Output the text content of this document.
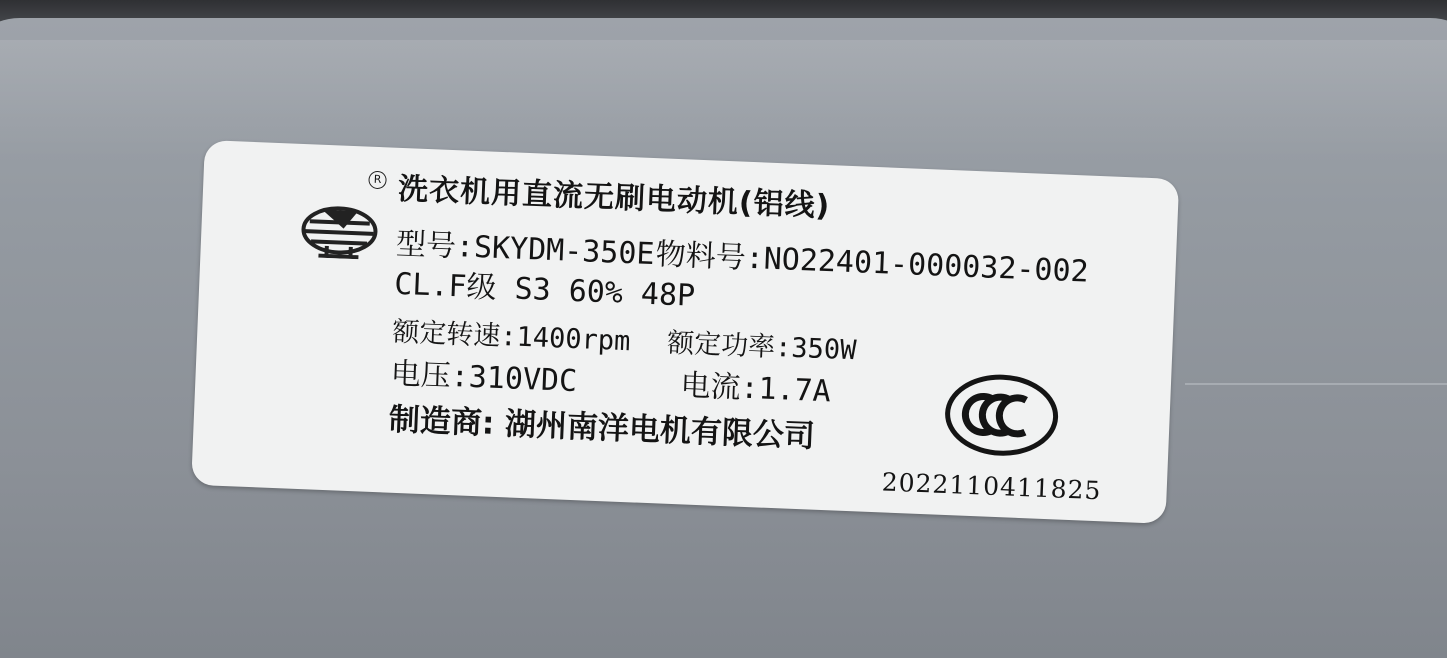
R 洗衣机用直流无刷电动机(铝线)
型号:SKYDM-350E 物料号:NO22401-000032-002
CL.F级 S3 60% 48P
额定转速:1400rpm 额定功率:350W
电压:310VDC	电流:1.7A
制造商: 湖州南洋电机有限公司
2022110411825
